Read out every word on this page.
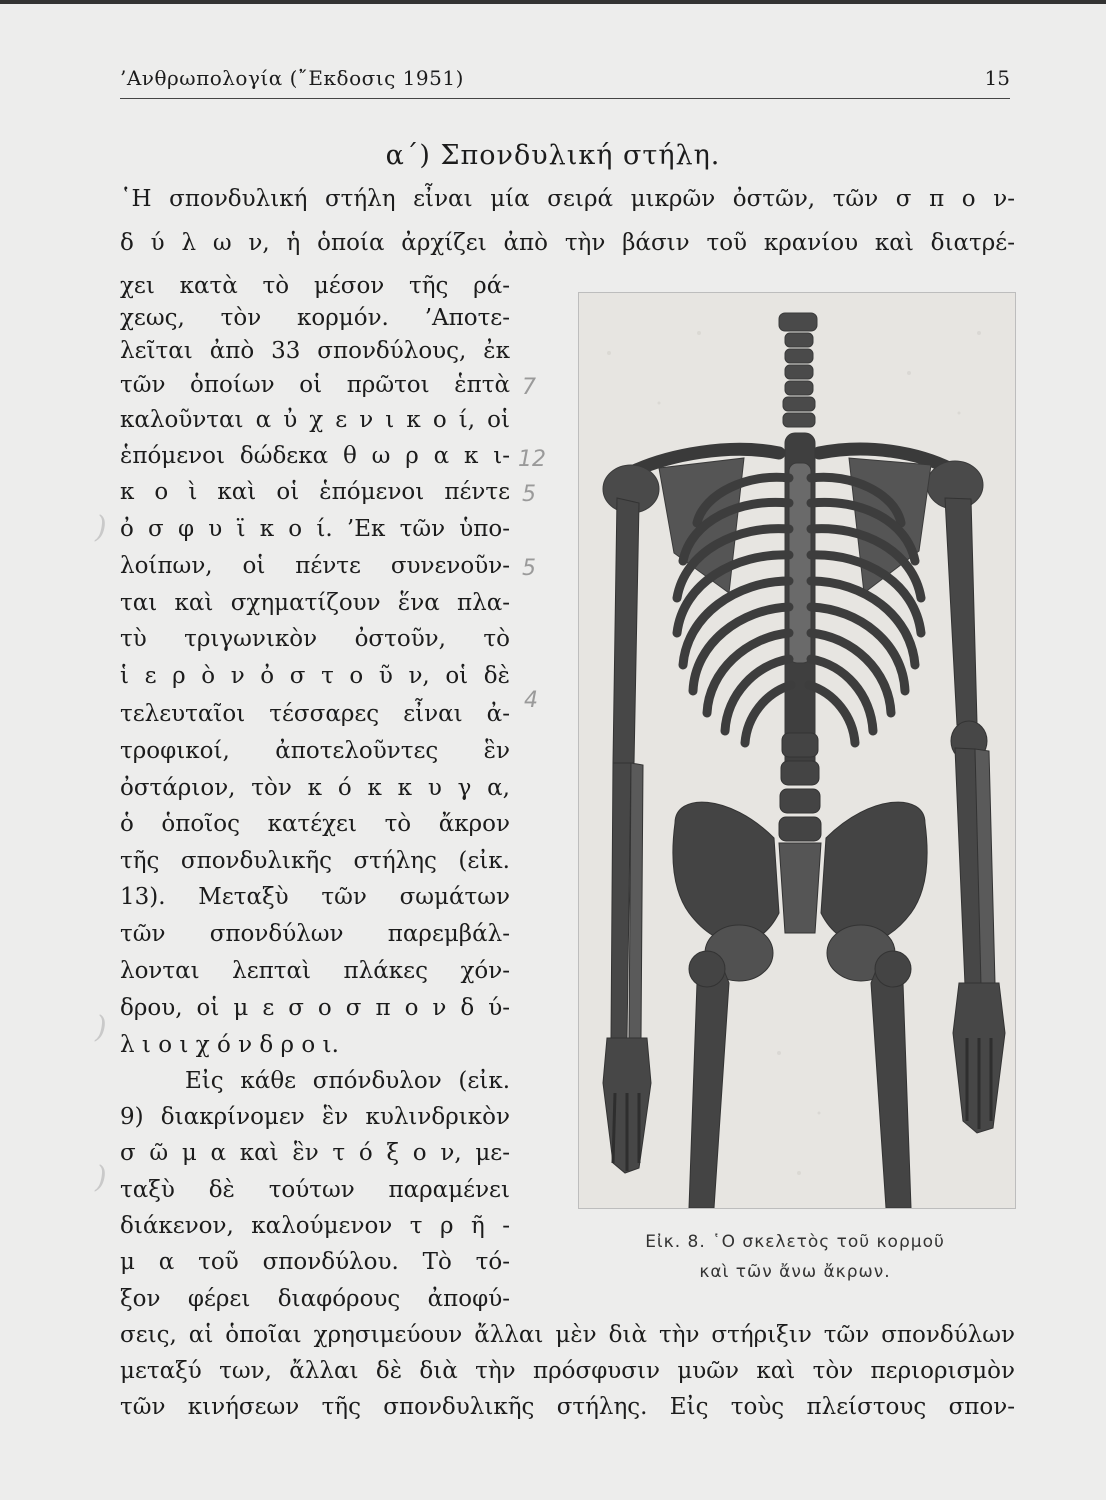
’Ανθρωπολογία (῎Εκδοσις 1951)	15
α΄) Σπονδυλική στήλη.
῾Η σπονδυλική στήλη εἶναι μία σειρά μικρῶν ὀστῶν, τῶν σ π ο ν-
δ ύ λ ω ν, ἡ ὁποία ἀρχίζει ἀπὸ τὴν βάσιν τοῦ κρανίου καὶ διατρέ-
χει κατὰ τὸ μέσον τῆς ρά-
χεως, τὸν κορμόν. ’Αποτε-
λεῖται ἀπὸ 33 σπονδύλους, ἐκ
τῶν ὁποίων οἱ πρῶτοι ἑπτὰ
καλοῦνται α ὐ χ ε ν ι κ ο ί, οἱ
ἑπόμενοι δώδεκα θ ω ρ α κ ι-
κ ο ὶ καὶ οἱ ἑπόμενοι πέντε
ὀ σ φ υ ϊ κ ο ί. ’Εκ τῶν ὑπο-
λοίπων, οἱ πέντε συνενοῦν-
ται καὶ σχηματίζουν ἕνα πλα-
τὺ τριγωνικὸν ὀστοῦν, τὸ
ἱ ε ρ ὸ ν ὀ σ τ ο ῦ ν, οἱ δὲ
τελευταῖοι τέσσαρες εἶναι ἀ-
τροφικοί, ἀποτελοῦντες ἓν
ὀστάριον, τὸν κ ό κ κ υ γ α,
ὁ ὁποῖος κατέχει τὸ ἄκρον
τῆς σπονδυλικῆς στήλης (εἰκ.
13). Μεταξὺ τῶν σωμάτων
τῶν σπονδύλων παρεμβάλ-
λονται λεπταὶ πλάκες χόν-
δρου, οἱ μ ε σ ο σ π ο ν δ ύ-
λ ι ο ι χ ό ν δ ρ ο ι.
Εἰς κάθε σπόνδυλον (εἰκ.
9) διακρίνομεν ἓν κυλινδρικὸν
σ ῶ μ α καὶ ἓν τ ό ξ ο ν, με-
ταξὺ δὲ τούτων παραμένει
διάκενον, καλούμενον τ ρ ῆ -
μ α τοῦ σπονδύλου. Τὸ τό-
ξον φέρει διαφόρους ἀποφύ-
σεις, αἱ ὁποῖαι χρησιμεύουν ἄλλαι μὲν διὰ τὴν στήριξιν τῶν σπονδύλων
μεταξύ των, ἄλλαι δὲ διὰ τὴν πρόσφυσιν μυῶν καὶ τὸν περιορισμὸν
τῶν κινήσεων τῆς σπονδυλικῆς στήλης. Εἰς τοὺς πλείστους σπον-
7
12
5
5
4
)
)
)
Εἰκ. 8. ῾Ο σκελετὸς τοῦ κορμοῦ
καὶ τῶν ἄνω ἄκρων.
